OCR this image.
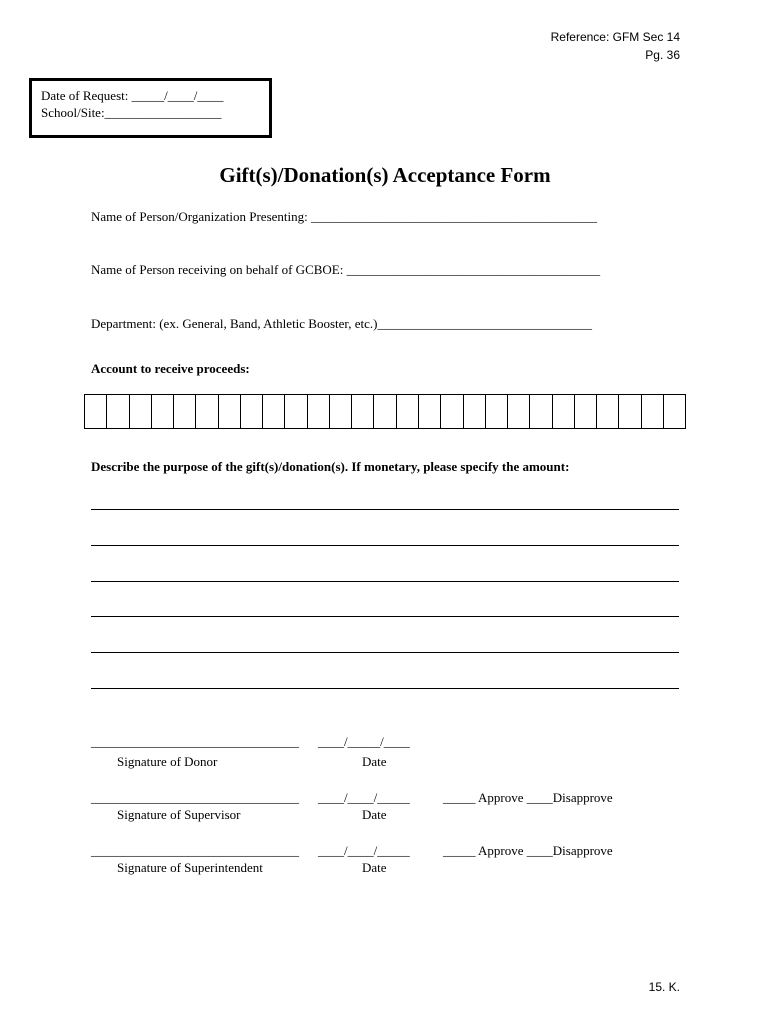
Reference: GFM Sec 14
Pg. 36
Date of Request: _____/____/____
School/Site:__________________
Gift(s)/Donation(s) Acceptance Form
Name of Person/Organization Presenting: ____________________________________________
Name of Person receiving on behalf of GCBOE: _______________________________________
Department: (ex. General, Band, Athletic Booster, etc.)_________________________________
Account to receive proceeds:
Describe the purpose of the gift(s)/donation(s). If monetary, please specify the amount:
________________________________
Signature of Donor
____/_____/____
Date
________________________________
Signature of Supervisor
____/____/_____
Date
_____ Approve ____Disapprove
________________________________
Signature of Superintendent
____/____/_____
Date
_____ Approve ____Disapprove
15. K.
